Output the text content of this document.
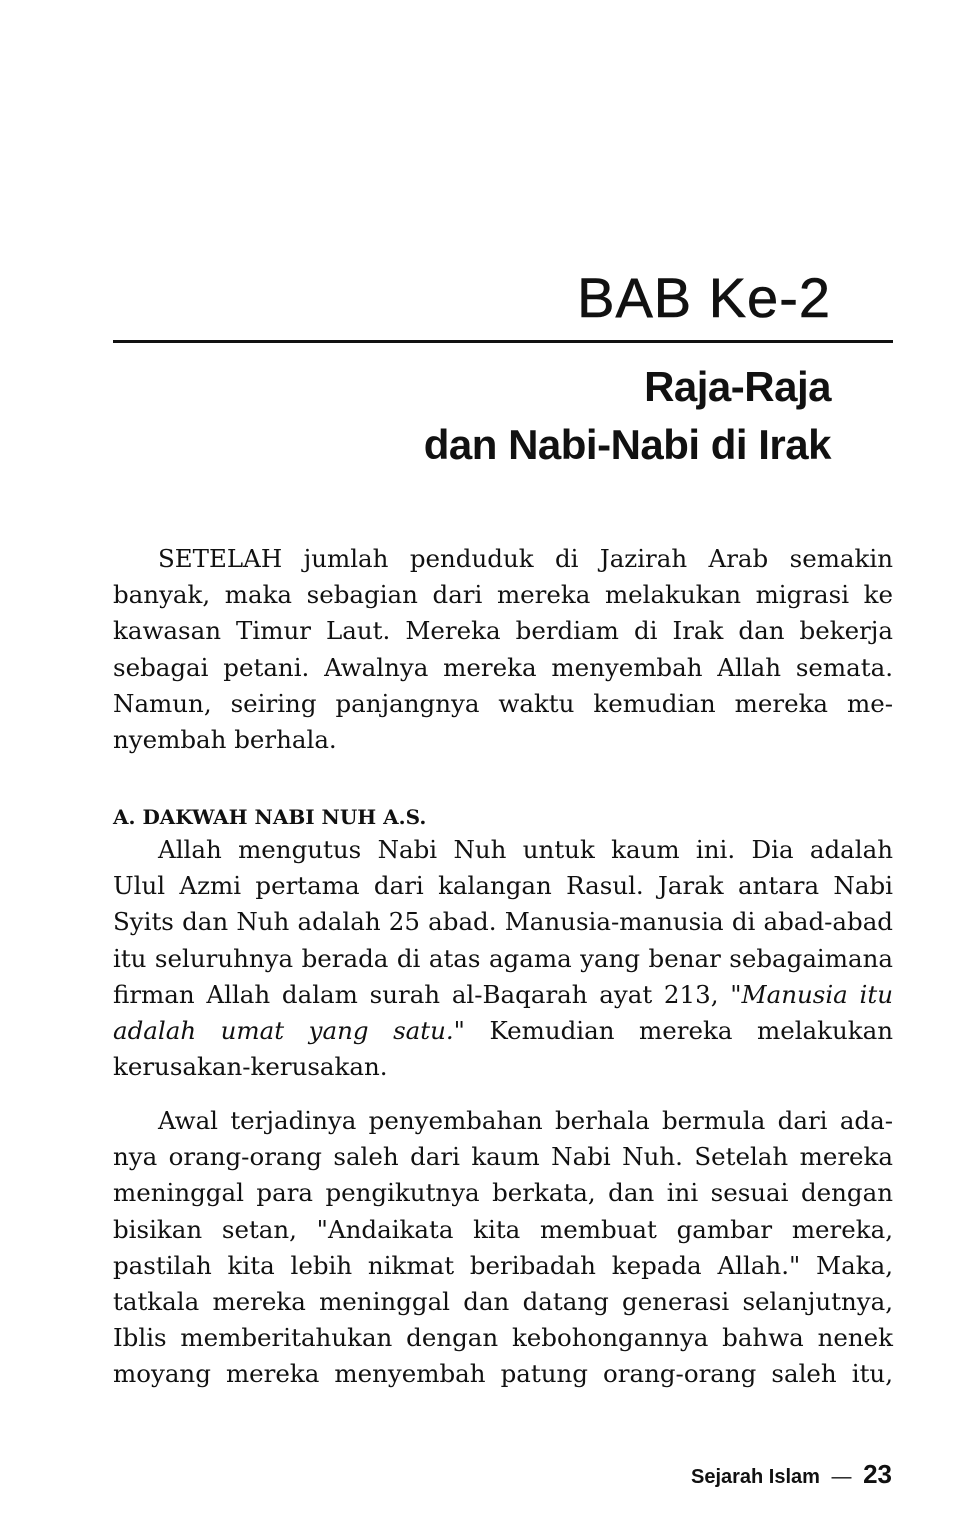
BAB Ke-2
Raja-Raja
dan Nabi-Nabi di Irak
SETELAH jumlah penduduk di Jazirah Arab semakin
banyak, maka sebagian dari mereka melakukan migrasi ke
kawasan Timur Laut. Mereka berdiam di Irak dan bekerja
sebagai petani. Awalnya mereka menyembah Allah semata.
Namun, seiring panjangnya waktu kemudian mereka me-
nyembah berhala.
A. DAKWAH NABI NUH A.S.
Allah mengutus Nabi Nuh untuk kaum ini. Dia adalah
Ulul Azmi pertama dari kalangan Rasul. Jarak antara Nabi
Syits dan Nuh adalah 25 abad. Manusia-manusia di abad-abad
itu seluruhnya berada di atas agama yang benar sebagaimana
firman Allah dalam surah al-Baqarah ayat 213, "Manusia itu
adalah umat yang satu." Kemudian mereka melakukan
kerusakan-kerusakan.
Awal terjadinya penyembahan berhala bermula dari ada-
nya orang-orang saleh dari kaum Nabi Nuh. Setelah mereka
meninggal para pengikutnya berkata, dan ini sesuai dengan
bisikan setan, "Andaikata kita membuat gambar mereka,
pastilah kita lebih nikmat beribadah kepada Allah." Maka,
tatkala mereka meninggal dan datang generasi selanjutnya,
Iblis memberitahukan dengan kebohongannya bahwa nenek
moyang mereka menyembah patung orang-orang saleh itu,
Sejarah Islam — 23
